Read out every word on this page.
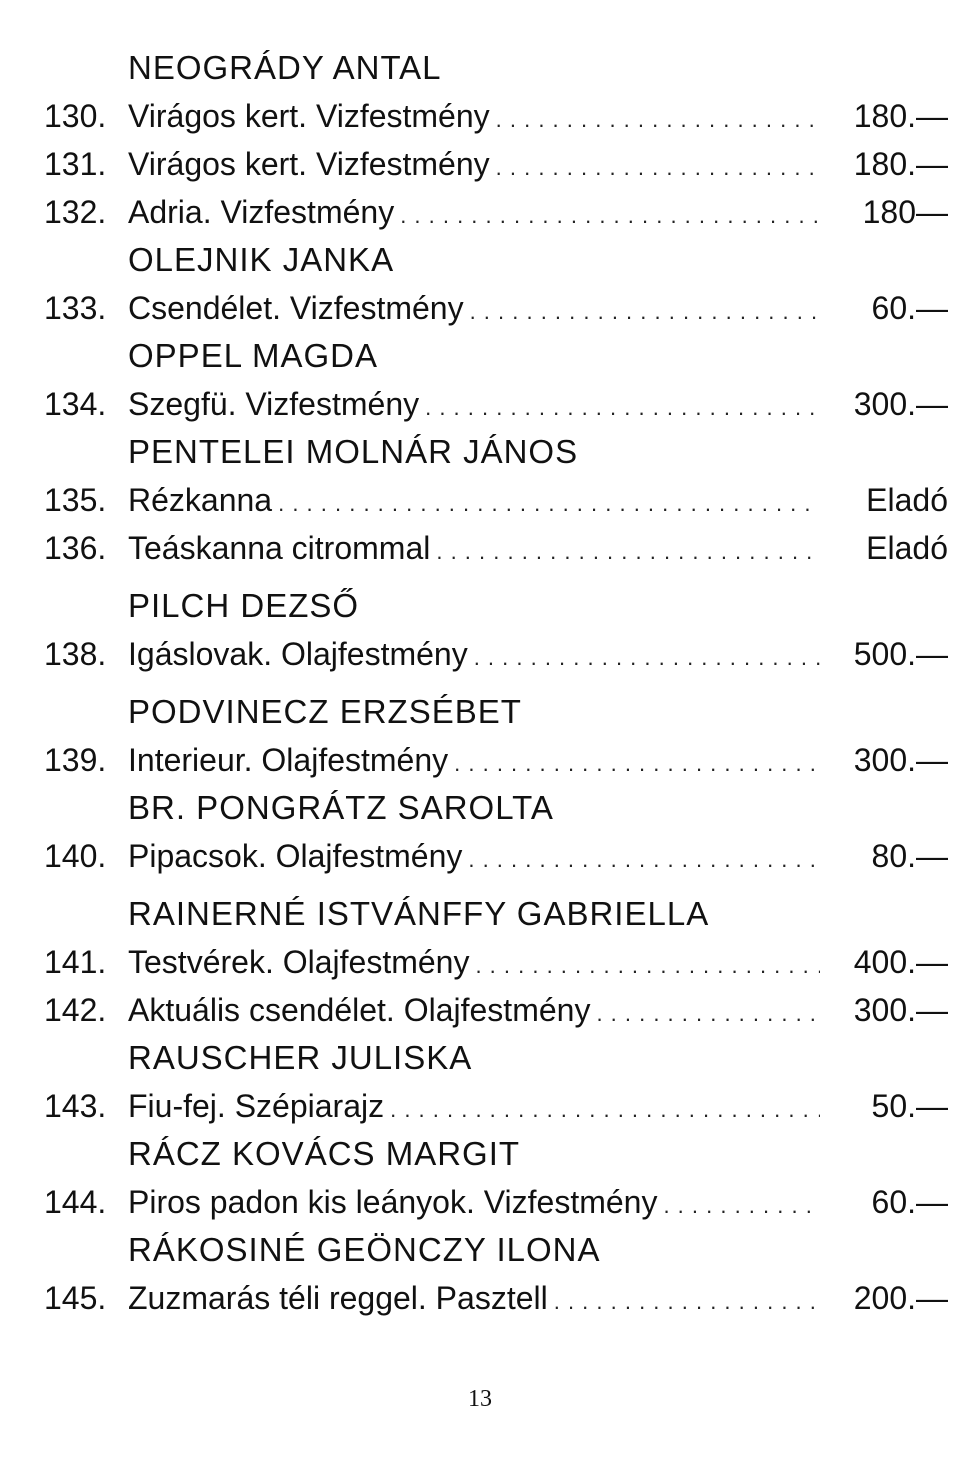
NEOGRÁDY ANTAL
130. Virágos kert. Vizfestmény . . .	180.—
131. Virágos kert. Vizfestmény . . .	180.—
132. Adria. Vizfestmény . . .	180—
OLEJNIK JANKA
133. Csendélet. Vizfestmény . . .	60.—
OPPEL MAGDA
134. Szegfü. Vizfestmény . . .	300.—
PENTELEI MOLNÁR JÁNOS
135. Rézkanna . . .	Eladó
136. Teáskanna citrommal . . .	Eladó
PILCH DEZSŐ
138. Igáslovak. Olajfestmény . . .	500.—
PODVINECZ ERZSÉBET
139. Interieur. Olajfestmény . . .	300.—
BR. PONGRÁTZ SAROLTA
140. Pipacsok. Olajfestmény . . .	80.—
RAINERNÉ ISTVÁNFFY GABRIELLA
141. Testvérek. Olajfestmény . . .	400.—
142. Aktuális csendélet. Olajfestmény . . .	300.—
RAUSCHER JULISKA
143. Fiu-fej. Szépiarajz . . .	50.—
RÁCZ KOVÁCS MARGIT
144. Piros padon kis leányok. Vizfestmény . . .	60.—
RÁKOSINÉ GEÖNCZY ILONA
145. Zuzmarás téli reggel. Pasztell . . .	200.—
13
